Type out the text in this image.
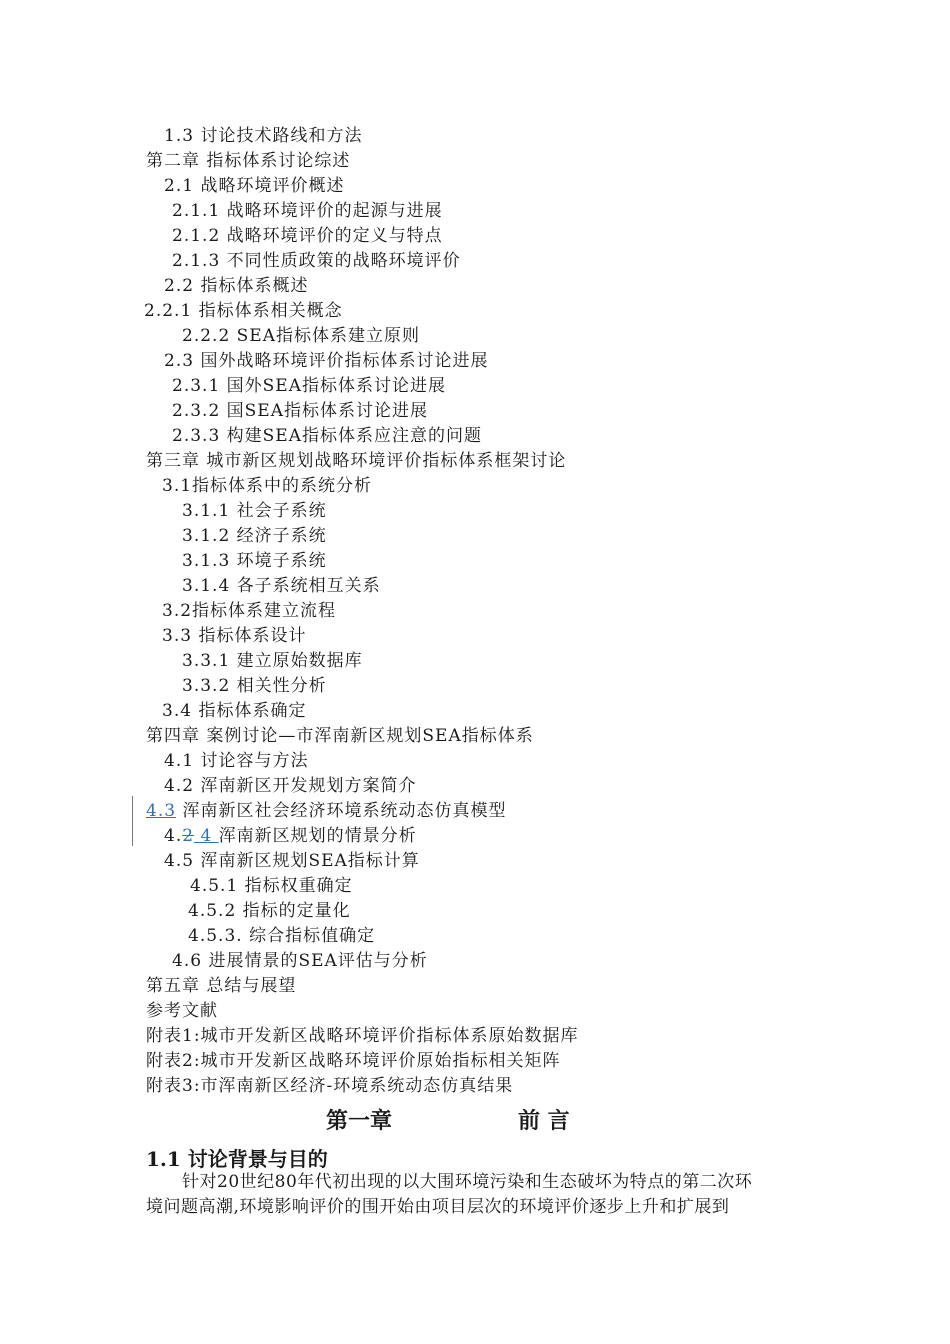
1.3 讨论技术路线和方法
第二章 指标体系讨论综述
2.1 战略环境评价概述
2.1.1 战略环境评价的起源与进展
2.1.2 战略环境评价的定义与特点
2.1.3 不同性质政策的战略环境评价
2.2 指标体系概述
2.2.1 指标体系相关概念
2.2.2 SEA指标体系建立原则
2.3 国外战略环境评价指标体系讨论进展
2.3.1 国外SEA指标体系讨论进展
2.3.2 国SEA指标体系讨论进展
2.3.3 构建SEA指标体系应注意的问题
第三章 城市新区规划战略环境评价指标体系框架讨论
3.1指标体系中的系统分析
3.1.1 社会子系统
3.1.2 经济子系统
3.1.3 环境子系统
3.1.4 各子系统相互关系
3.2指标体系建立流程
3.3 指标体系设计
3.3.1 建立原始数据库
3.3.2 相关性分析
3.4 指标体系确定
第四章 案例讨论—市浑南新区规划SEA指标体系
4.1 讨论容与方法
4.2 浑南新区开发规划方案简介
4.3 浑南新区社会经济环境系统动态仿真模型
4.2 4 浑南新区规划的情景分析
4.5 浑南新区规划SEA指标计算
4.5.1 指标权重确定
4.5.2 指标的定量化
4.5.3. 综合指标值确定
4.6 进展情景的SEA评估与分析
第五章 总结与展望
参考文献
附表1:城市开发新区战略环境评价指标体系原始数据库
附表2:城市开发新区战略环境评价原始指标相关矩阵
附表3:市浑南新区经济-环境系统动态仿真结果
第一章	前 言
1.1 讨论背景与目的
针对20世纪80年代初出现的以大围环境污染和生态破坏为特点的第二次环
境问题高潮,环境影响评价的围开始由项目层次的环境评价逐步上升和扩展到
